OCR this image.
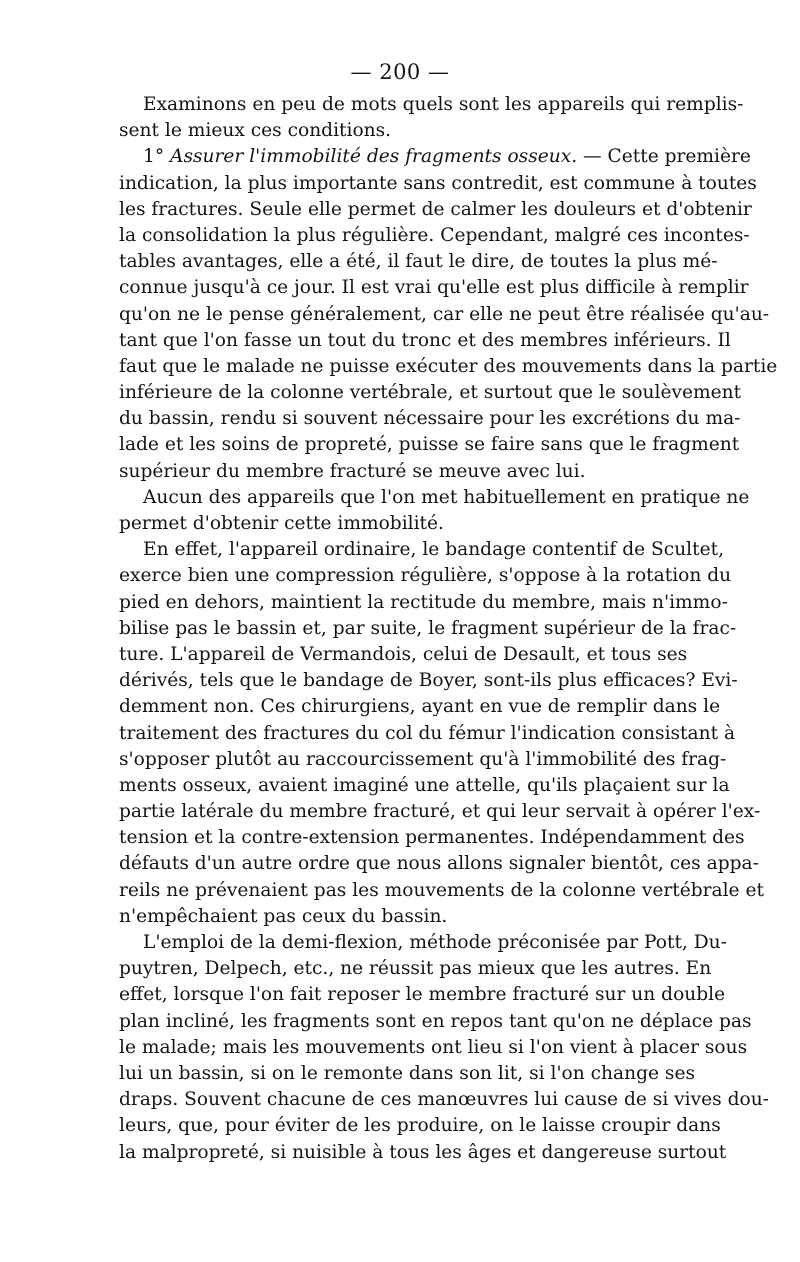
— 200 —
Examinons en peu de mots quels sont les appareils qui remplis-
sent le mieux ces conditions.
1° Assurer l'immobilité des fragments osseux. — Cette première
indication, la plus importante sans contredit, est commune à toutes
les fractures. Seule elle permet de calmer les douleurs et d'obtenir
la consolidation la plus régulière. Cependant, malgré ces incontes-
tables avantages, elle a été, il faut le dire, de toutes la plus mé-
connue jusqu'à ce jour. Il est vrai qu'elle est plus difficile à remplir
qu'on ne le pense généralement, car elle ne peut être réalisée qu'au-
tant que l'on fasse un tout du tronc et des membres inférieurs. Il
faut que le malade ne puisse exécuter des mouvements dans la partie
inférieure de la colonne vertébrale, et surtout que le soulèvement
du bassin, rendu si souvent nécessaire pour les excrétions du ma-
lade et les soins de propreté, puisse se faire sans que le fragment
supérieur du membre fracturé se meuve avec lui.
Aucun des appareils que l'on met habituellement en pratique ne
permet d'obtenir cette immobilité.
En effet, l'appareil ordinaire, le bandage contentif de Scultet,
exerce bien une compression régulière, s'oppose à la rotation du
pied en dehors, maintient la rectitude du membre, mais n'immo-
bilise pas le bassin et, par suite, le fragment supérieur de la frac-
ture. L'appareil de Vermandois, celui de Desault, et tous ses
dérivés, tels que le bandage de Boyer, sont-ils plus efficaces? Evi-
demment non. Ces chirurgiens, ayant en vue de remplir dans le
traitement des fractures du col du fémur l'indication consistant à
s'opposer plutôt au raccourcissement qu'à l'immobilité des frag-
ments osseux, avaient imaginé une attelle, qu'ils plaçaient sur la
partie latérale du membre fracturé, et qui leur servait à opérer l'ex-
tension et la contre-extension permanentes. Indépendamment des
défauts d'un autre ordre que nous allons signaler bientôt, ces appa-
reils ne prévenaient pas les mouvements de la colonne vertébrale et
n'empêchaient pas ceux du bassin.
L'emploi de la demi-flexion, méthode préconisée par Pott, Du-
puytren, Delpech, etc., ne réussit pas mieux que les autres. En
effet, lorsque l'on fait reposer le membre fracturé sur un double
plan incliné, les fragments sont en repos tant qu'on ne déplace pas
le malade; mais les mouvements ont lieu si l'on vient à placer sous
lui un bassin, si on le remonte dans son lit, si l'on change ses
draps. Souvent chacune de ces manœuvres lui cause de si vives dou-
leurs, que, pour éviter de les produire, on le laisse croupir dans
la malpropreté, si nuisible à tous les âges et dangereuse surtout
